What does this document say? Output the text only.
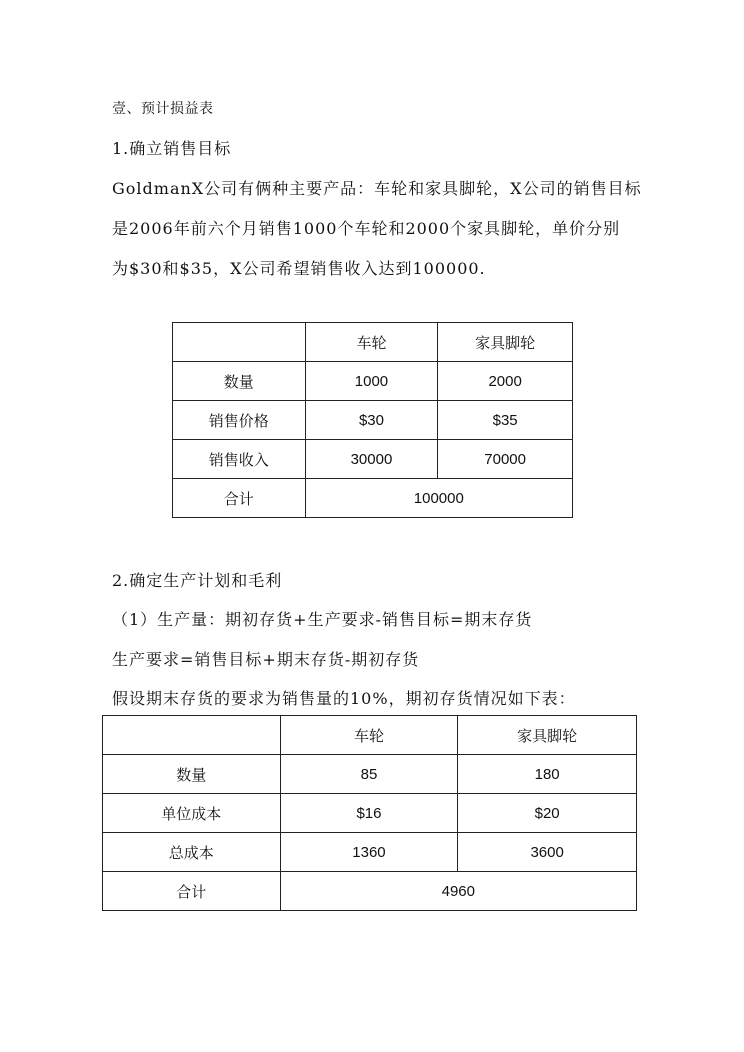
壹、预计损益表
1.确立销售目标
GoldmanX公司有俩种主要产品：车轮和家具脚轮，X公司的销售目标
是2006年前六个月销售1000个车轮和2000个家具脚轮，单价分别
为$30和$35，X公司希望销售收入达到100000.
	车轮	家具脚轮
数量	1000	2000
销售价格	$30	$35
销售收入	30000	70000
合计	100000	
2.确定生产计划和毛利
（1）生产量：期初存货+生产要求-销售目标=期末存货
生产要求=销售目标+期末存货-期初存货
假设期末存货的要求为销售量的10%，期初存货情况如下表：
	车轮	家具脚轮
数量	85	180
单位成本	$16	$20
总成本	1360	3600
合计	4960	
